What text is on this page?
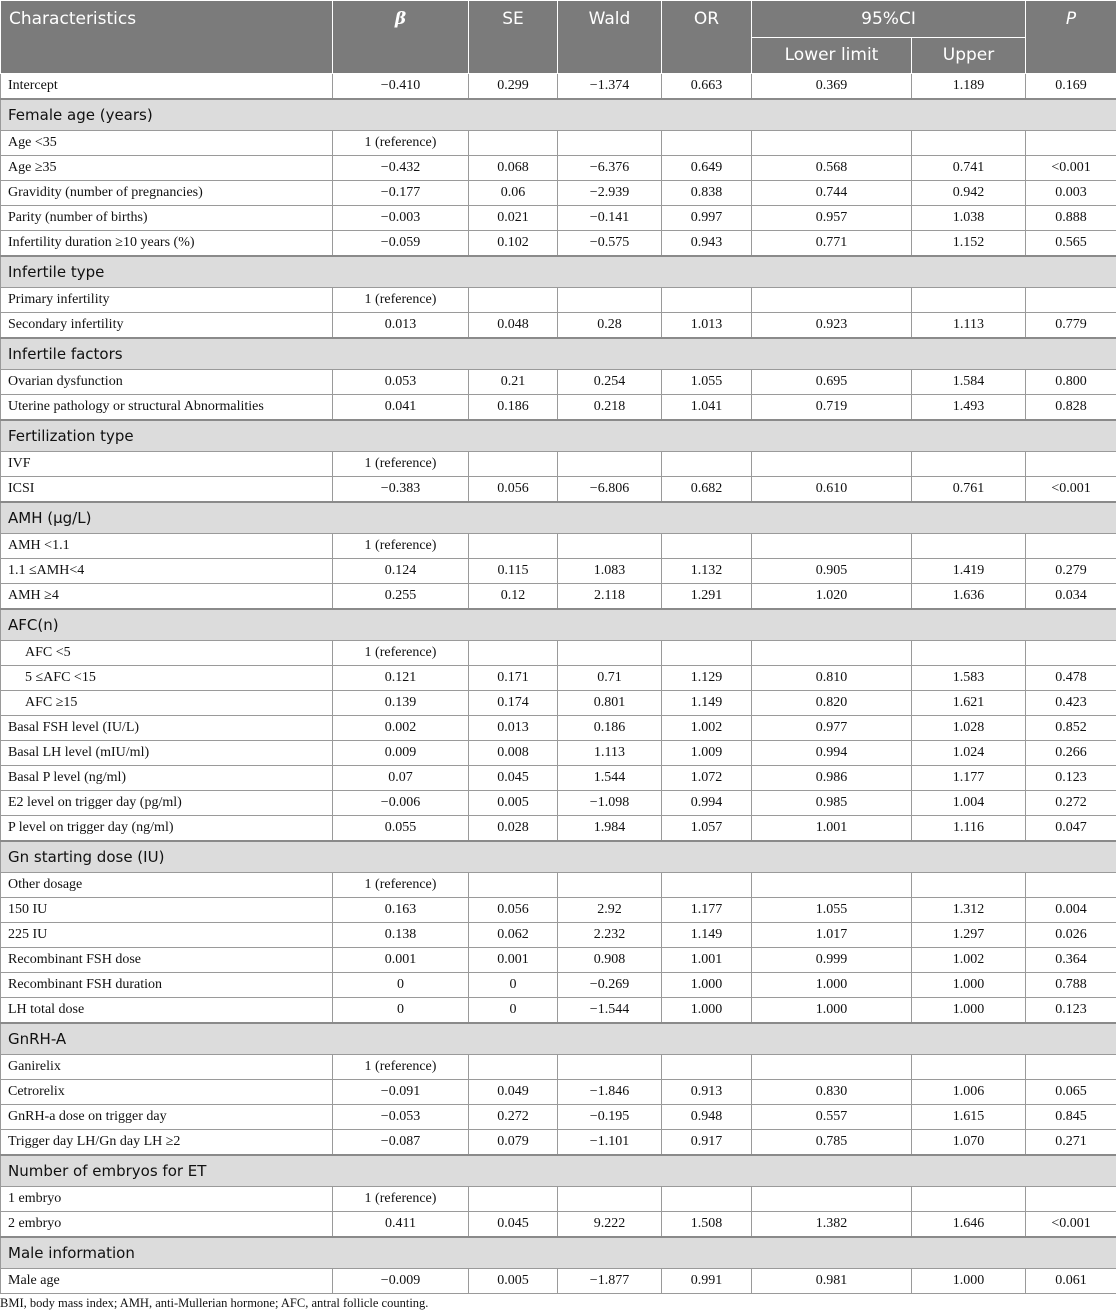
Characteristics	β	SE	Wald	OR	95%CI		P
					Lower limit	Upper	
Intercept	−0.410	0.299	−1.374	0.663	0.369	1.189	0.169
Female age (years)							
Age <35	1 (reference)						
Age ≥35	−0.432	0.068	−6.376	0.649	0.568	0.741	<0.001
Gravidity (number of pregnancies)	−0.177	0.06	−2.939	0.838	0.744	0.942	0.003
Parity (number of births)	−0.003	0.021	−0.141	0.997	0.957	1.038	0.888
Infertility duration ≥10 years (%)	−0.059	0.102	−0.575	0.943	0.771	1.152	0.565
Infertile type							
Primary infertility	1 (reference)						
Secondary infertility	0.013	0.048	0.28	1.013	0.923	1.113	0.779
Infertile factors							
Ovarian dysfunction	0.053	0.21	0.254	1.055	0.695	1.584	0.800
Uterine pathology or structural Abnormalities	0.041	0.186	0.218	1.041	0.719	1.493	0.828
Fertilization type							
IVF	1 (reference)						
ICSI	−0.383	0.056	−6.806	0.682	0.610	0.761	<0.001
AMH (μg/L)							
AMH <1.1	1 (reference)						
1.1 ≤AMH<4	0.124	0.115	1.083	1.132	0.905	1.419	0.279
AMH ≥4	0.255	0.12	2.118	1.291	1.020	1.636	0.034
AFC(n)							
AFC <5	1 (reference)						
5 ≤AFC <15	0.121	0.171	0.71	1.129	0.810	1.583	0.478
AFC ≥15	0.139	0.174	0.801	1.149	0.820	1.621	0.423
Basal FSH level (IU/L)	0.002	0.013	0.186	1.002	0.977	1.028	0.852
Basal LH level (mIU/ml)	0.009	0.008	1.113	1.009	0.994	1.024	0.266
Basal P level (ng/ml)	0.07	0.045	1.544	1.072	0.986	1.177	0.123
E2 level on trigger day (pg/ml)	−0.006	0.005	−1.098	0.994	0.985	1.004	0.272
P level on trigger day (ng/ml)	0.055	0.028	1.984	1.057	1.001	1.116	0.047
Gn starting dose (IU)							
Other dosage	1 (reference)						
150 IU	0.163	0.056	2.92	1.177	1.055	1.312	0.004
225 IU	0.138	0.062	2.232	1.149	1.017	1.297	0.026
Recombinant FSH dose	0.001	0.001	0.908	1.001	0.999	1.002	0.364
Recombinant FSH duration	0	0	−0.269	1.000	1.000	1.000	0.788
LH total dose	0	0	−1.544	1.000	1.000	1.000	0.123
GnRH-A							
Ganirelix	1 (reference)						
Cetrorelix	−0.091	0.049	−1.846	0.913	0.830	1.006	0.065
GnRH-a dose on trigger day	−0.053	0.272	−0.195	0.948	0.557	1.615	0.845
Trigger day LH/Gn day LH ≥2	−0.087	0.079	−1.101	0.917	0.785	1.070	0.271
Number of embryos for ET							
1 embryo	1 (reference)						
2 embryo	0.411	0.045	9.222	1.508	1.382	1.646	<0.001
Male information							
Male age	−0.009	0.005	−1.877	0.991	0.981	1.000	0.061
BMI, body mass index; AMH, anti-Mullerian hormone; AFC, antral follicle counting.
